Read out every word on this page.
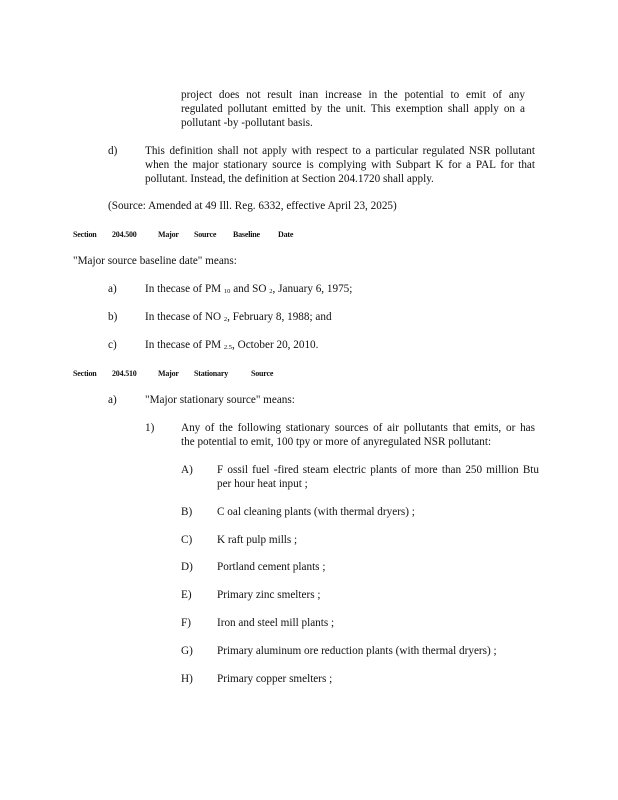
project does not result inan increase in the potential to emit of any

regulated pollutant emitted by the unit. This exemption shall apply on a

pollutant -by -pollutant basis.

d) This definition shall not apply with respect to a particular regulated NSR pollutant

when the major stationary source is complying with Subpart K for a PAL for that

pollutant. Instead, the definition at Section 204.1720 shall apply.

(Source: Amended at 49 Ill. Reg. 6332, effective April 23, 2025)

Section 204.500	Major Source Baseline Date

"Major source baseline date" means:

a)	In thecase of PM $_{10}$ and SO $_2$, January 6, 1975;

b) In thecase of NO $_2$, February 8, 1988; and

c)	In thecase of PM $_{2.5}$, October 20, 2010.

Section 204.510	Major Stationary	Source
a)	"Major stationary source" means:

1) Any of the following stationary sources of air pollutants that emits, or has

the potential to emit, 100 tpy or more of anyregulated NSR pollutant:

A) F ossil fuel -fired steam electric plants of more than 250 million Btu

per hour heat input ;

B) C oal cleaning plants (with thermal dryers) ;

C) K raft pulp mills ;

D) Portland cement plants ;

E) Primary zinc smelters ;

F) Iron and steel mill plants ;

G) Primary aluminum ore reduction plants (with thermal dryers) ;

H) Primary copper smelters ;
